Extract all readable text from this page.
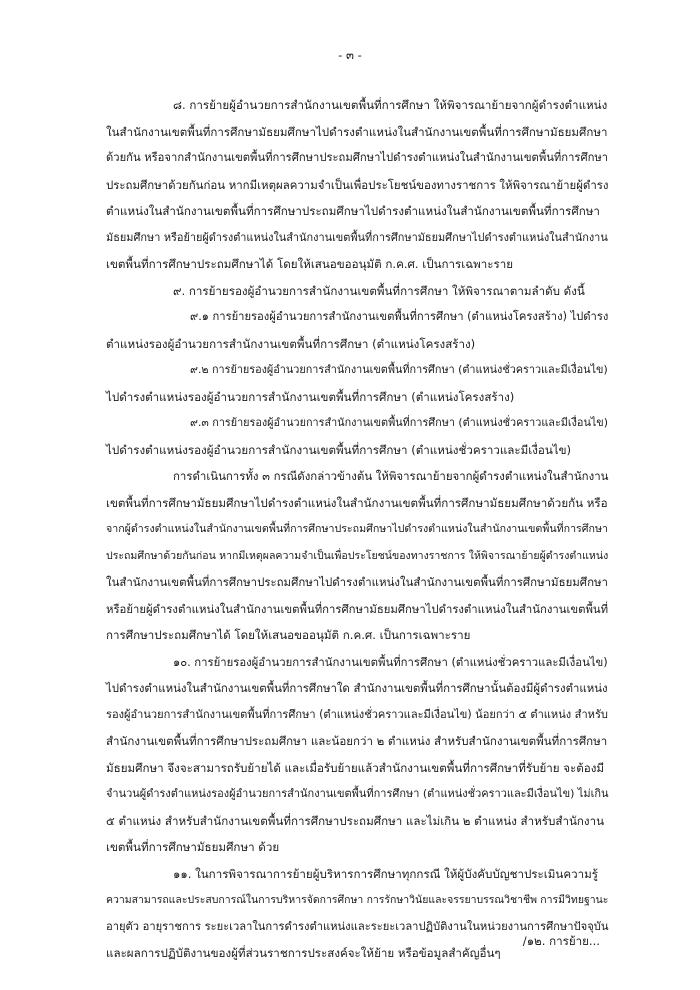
- ๓ -
๘. การย้ายผู้อำนวยการสำนักงานเขตพื้นที่การศึกษา ให้พิจารณาย้ายจากผู้ดำรงตำแหน่ง
ในสำนักงานเขตพื้นที่การศึกษามัธยมศึกษาไปดำรงตำแหน่งในสำนักงานเขตพื้นที่การศึกษามัธยมศึกษา
ด้วยกัน หรือจากสำนักงานเขตพื้นที่การศึกษาประถมศึกษาไปดำรงตำแหน่งในสำนักงานเขตพื้นที่การศึกษา
ประถมศึกษาด้วยกันก่อน หากมีเหตุผลความจำเป็นเพื่อประโยชน์ของทางราชการ ให้พิจารณาย้ายผู้ดำรง
ตำแหน่งในสำนักงานเขตพื้นที่การศึกษาประถมศึกษาไปดำรงตำแหน่งในสำนักงานเขตพื้นที่การศึกษา
มัธยมศึกษา หรือย้ายผู้ดำรงตำแหน่งในสำนักงานเขตพื้นที่การศึกษามัธยมศึกษาไปดำรงตำแหน่งในสำนักงาน
เขตพื้นที่การศึกษาประถมศึกษาได้ โดยให้เสนอขออนุมัติ ก.ค.ศ. เป็นการเฉพาะราย
๙. การย้ายรองผู้อำนวยการสำนักงานเขตพื้นที่การศึกษา ให้พิจารณาตามลำดับ ดังนี้
๙.๑ การย้ายรองผู้อำนวยการสำนักงานเขตพื้นที่การศึกษา (ตำแหน่งโครงสร้าง) ไปดำรง
ตำแหน่งรองผู้อำนวยการสำนักงานเขตพื้นที่การศึกษา (ตำแหน่งโครงสร้าง)
๙.๒ การย้ายรองผู้อำนวยการสำนักงานเขตพื้นที่การศึกษา (ตำแหน่งชั่วคราวและมีเงื่อนไข)
ไปดำรงตำแหน่งรองผู้อำนวยการสำนักงานเขตพื้นที่การศึกษา (ตำแหน่งโครงสร้าง)
๙.๓ การย้ายรองผู้อำนวยการสำนักงานเขตพื้นที่การศึกษา (ตำแหน่งชั่วคราวและมีเงื่อนไข)
ไปดำรงตำแหน่งรองผู้อำนวยการสำนักงานเขตพื้นที่การศึกษา (ตำแหน่งชั่วคราวและมีเงื่อนไข)
การดำเนินการทั้ง ๓ กรณีดังกล่าวข้างต้น ให้พิจารณาย้ายจากผู้ดำรงตำแหน่งในสำนักงาน
เขตพื้นที่การศึกษามัธยมศึกษาไปดำรงตำแหน่งในสำนักงานเขตพื้นที่การศึกษามัธยมศึกษาด้วยกัน หรือ
จากผู้ดำรงตำแหน่งในสำนักงานเขตพื้นที่การศึกษาประถมศึกษาไปดำรงตำแหน่งในสำนักงานเขตพื้นที่การศึกษา
ประถมศึกษาด้วยกันก่อน หากมีเหตุผลความจำเป็นเพื่อประโยชน์ของทางราชการ ให้พิจารณาย้ายผู้ดำรงตำแหน่ง
ในสำนักงานเขตพื้นที่การศึกษาประถมศึกษาไปดำรงตำแหน่งในสำนักงานเขตพื้นที่การศึกษามัธยมศึกษา
หรือย้ายผู้ดำรงตำแหน่งในสำนักงานเขตพื้นที่การศึกษามัธยมศึกษาไปดำรงตำแหน่งในสำนักงานเขตพื้นที่
การศึกษาประถมศึกษาได้ โดยให้เสนอขออนุมัติ ก.ค.ศ. เป็นการเฉพาะราย
๑๐. การย้ายรองผู้อำนวยการสำนักงานเขตพื้นที่การศึกษา (ตำแหน่งชั่วคราวและมีเงื่อนไข)
ไปดำรงตำแหน่งในสำนักงานเขตพื้นที่การศึกษาใด สำนักงานเขตพื้นที่การศึกษานั้นต้องมีผู้ดำรงตำแหน่ง
รองผู้อำนวยการสำนักงานเขตพื้นที่การศึกษา (ตำแหน่งชั่วคราวและมีเงื่อนไข) น้อยกว่า ๕ ตำแหน่ง สำหรับ
สำนักงานเขตพื้นที่การศึกษาประถมศึกษา และน้อยกว่า ๒ ตำแหน่ง สำหรับสำนักงานเขตพื้นที่การศึกษา
มัธยมศึกษา จึงจะสามารถรับย้ายได้ และเมื่อรับย้ายแล้วสำนักงานเขตพื้นที่การศึกษาที่รับย้าย จะต้องมี
จำนวนผู้ดำรงตำแหน่งรองผู้อำนวยการสำนักงานเขตพื้นที่การศึกษา (ตำแหน่งชั่วคราวและมีเงื่อนไข) ไม่เกิน
๕ ตำแหน่ง สำหรับสำนักงานเขตพื้นที่การศึกษาประถมศึกษา และไม่เกิน ๒ ตำแหน่ง สำหรับสำนักงาน
เขตพื้นที่การศึกษามัธยมศึกษา ด้วย
๑๑. ในการพิจารณาการย้ายผู้บริหารการศึกษาทุกกรณี ให้ผู้บังคับบัญชาประเมินความรู้
ความสามารถและประสบการณ์ในการบริหารจัดการศึกษา การรักษาวินัยและจรรยาบรรณวิชาชีพ การมีวิทยฐานะ
อายุตัว อายุราชการ ระยะเวลาในการดำรงตำแหน่งและระยะเวลาปฏิบัติงานในหน่วยงานการศึกษาปัจจุบัน
และผลการปฏิบัติงานของผู้ที่ส่วนราชการประสงค์จะให้ย้าย หรือข้อมูลสำคัญอื่นๆ
/๑๒. การย้าย...
